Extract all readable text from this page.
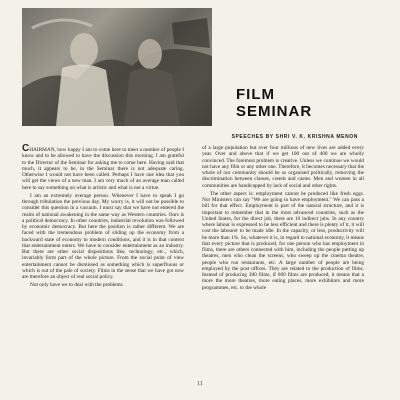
FILM
SEMINAR
SPEECHES BY SHRI V. K. KRISHNA MENON

CHAIRMAN, how happy I am to come here to meet a number of people I know and to be allowed to have the discussion this morning. I am grateful to the Director of the Seminar for asking me to come here. Having said that much, it appears to be, in the Seminar there is not adequate caring. Otherwise I would not have been called. Perhaps I have one idea that you will get the views of a new man. I am very much of an average man called here to say something on what is artistic and what is not a virtue.

I am an extremely average person. Whenever I have to speak I go through tribulation the previous day. My worry is, it will not be possible to consider this question in a vacuum. I must say that we have not entered the realm of national awakening in the same way as Western countries. Ours is a political democracy. In other countries, industrial revolution was followed by economic democracy. But here the position is rather different. We are faced with the tremendous problem of sliding up the economy from a backward state of economy to modern conditions, and it is in that context that entertainment enters. We have to consider entertainment as an industry. But there are other social dispositions like, technology, etc., which, invariably form part of the whole picture. From the social point of view entertainment cannot be dismissed as something which is superfluous or which is out of the pale of society. Films in the sense that we have got now are therefore an object of real social policy.

Not only have we to deal with the problems

of a large population but over four millions of new lives are added every year. Over and above that if we get 100 out of 400 we are wholly convinced. The foremost problem is creative. Unless we continue we would not have any film or any other one. Therefore, it becomes necessary that the whole of our community should be so organised politically, removing the discrimination between classes, creeds and castes. Men and women in all communities are handicapped by lack of social and other rights.

The other aspect is: employment cannot be produced like fresh eggs. Nor Ministers can say "We are going to have employment." We can pass a bill for that effect. Employment is part of the natural structure, and it is important to remember that in the most advanced countries, such as the United States, for the direct job, there are 10 indirect jobs. In any country where labour is expressed to be less efficient and there is plenty of it, it will cost the labourer to be made idle. In the capacity, or less, productivity will be more than 1%. So, whatever it is, in regard to national economy, it means that every picture that is produced, for one person who has employment in films, there are others connected with him, including the people putting up theatres, men who clean the screens, who sweep up the cinema theatre, people who run restaurants, etc. A large number of people are being employed by the post offices. They are related to the production of films. Instead of producing 300 films, if 600 films are produced, it means that a more the more theatres, more eating places, more exhibitors and more programmes, etc. to the whole

11
